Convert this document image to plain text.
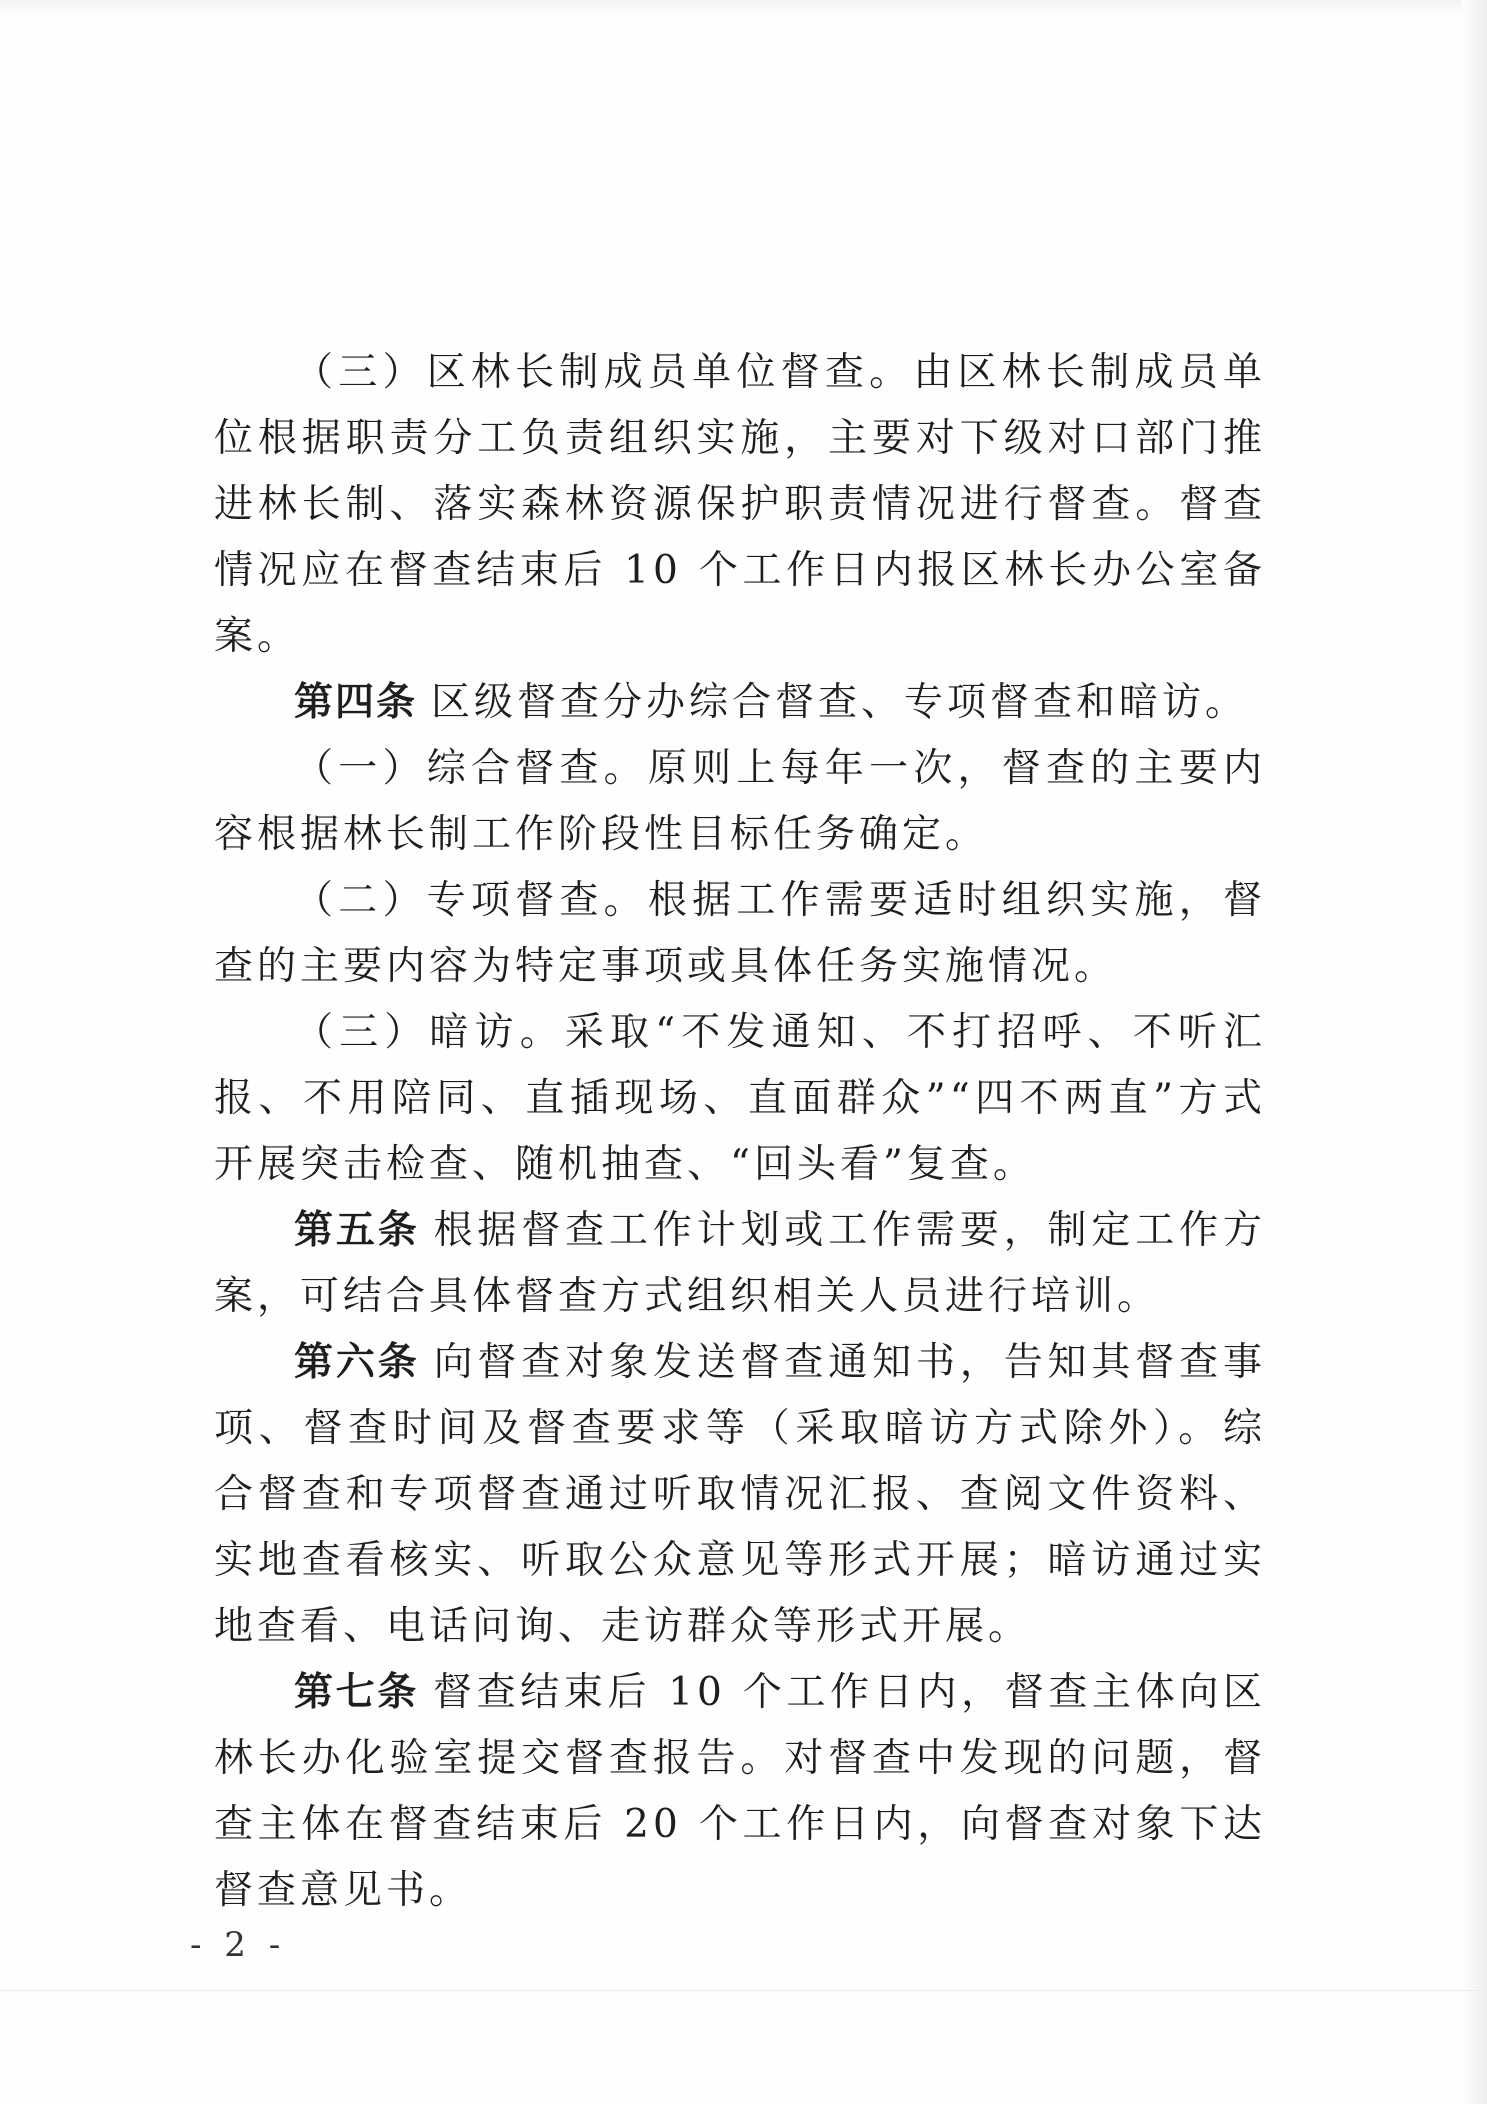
（三）区林长制成员单位督查。由区林长制成员单位根据职责分工负责组织实施，主要对下级对口部门推进林长制、落实森林资源保护职责情况进行督查。督查情况应在督查结束后 10 个工作日内报区林长办公室备案。

第四条 区级督查分办综合督查、专项督查和暗访。

（一）综合督查。原则上每年一次，督查的主要内容根据林长制工作阶段性目标任务确定。

（二）专项督查。根据工作需要适时组织实施，督查的主要内容为特定事项或具体任务实施情况。

（三）暗访。采取“不发通知、不打招呼、不听汇报、不用陪同、直插现场、直面群众”“四不两直”方式开展突击检查、随机抽查、“回头看”复查。

第五条 根据督查工作计划或工作需要，制定工作方案，可结合具体督查方式组织相关人员进行培训。

第六条 向督查对象发送督查通知书，告知其督查事项、督查时间及督查要求等（采取暗访方式除外）。综合督查和专项督查通过听取情况汇报、查阅文件资料、实地查看核实、听取公众意见等形式开展；暗访通过实地查看、电话问询、走访群众等形式开展。

第七条 督查结束后 10 个工作日内，督查主体向区林长办化验室提交督查报告。对督查中发现的问题，督查主体在督查结束后 20 个工作日内，向督查对象下达督查意见书。

- 2 -
